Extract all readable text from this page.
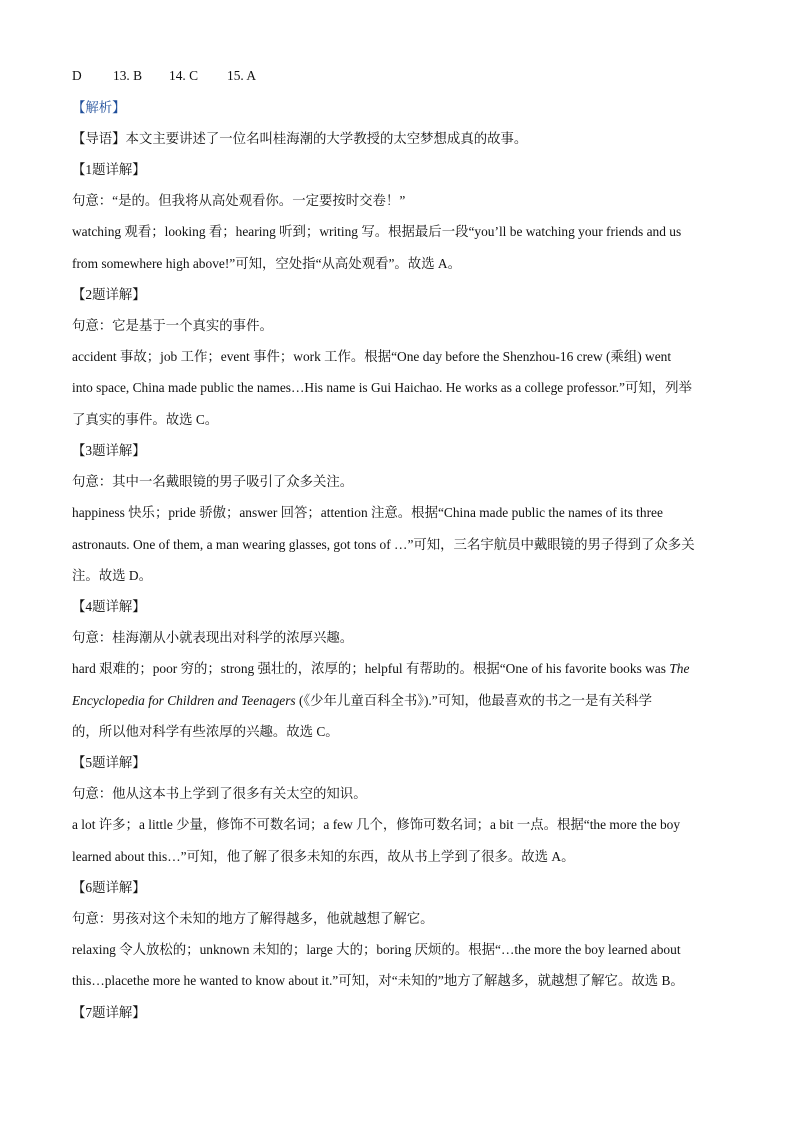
D 13. B 14. C 15. A
【解析】
【导语】本文主要讲述了一位名叫桂海潮的大学教授的太空梦想成真的故事。
【1题详解】
句意：“是的。但我将从高处观看你。一定要按时交卷！”
watching 观看；looking 看；hearing 听到；writing 写。根据最后一段“you’ll be watching your friends and us
from somewhere high above!”可知，空处指“从高处观看”。故选 A。
【2题详解】
句意：它是基于一个真实的事件。
accident 事故；job 工作；event 事件；work 工作。根据“One day before the Shenzhou-16 crew (乘组) went
into space, China made public the names…His name is Gui Haichao. He works as a college professor.”可知，列举
了真实的事件。故选 C。
【3题详解】
句意：其中一名戴眼镜的男子吸引了众多关注。
happiness 快乐；pride 骄傲；answer 回答；attention 注意。根据“China made public the names of its three
astronauts. One of them, a man wearing glasses, got tons of …”可知，三名宇航员中戴眼镜的男子得到了众多关
注。故选 D。
【4题详解】
句意：桂海潮从小就表现出对科学的浓厚兴趣。
hard 艰难的；poor 穷的；strong 强壮的，浓厚的；helpful 有帮助的。根据“One of his favorite books was The
Encyclopedia for Children and Teenagers (《少年儿童百科全书》).”可知，他最喜欢的书之一是有关科学
的，所以他对科学有些浓厚的兴趣。故选 C。
【5题详解】
句意：他从这本书上学到了很多有关太空的知识。
a lot 许多；a little 少量，修饰不可数名词；a few 几个，修饰可数名词；a bit 一点。根据“the more the boy
learned about this…”可知，他了解了很多未知的东西，故从书上学到了很多。故选 A。
【6题详解】
句意：男孩对这个未知的地方了解得越多，他就越想了解它。
relaxing 令人放松的；unknown 未知的；large 大的；boring 厌烦的。根据“…the more the boy learned about
this…placethe more he wanted to know about it.”可知，对“未知的”地方了解越多，就越想了解它。故选 B。
【7题详解】
